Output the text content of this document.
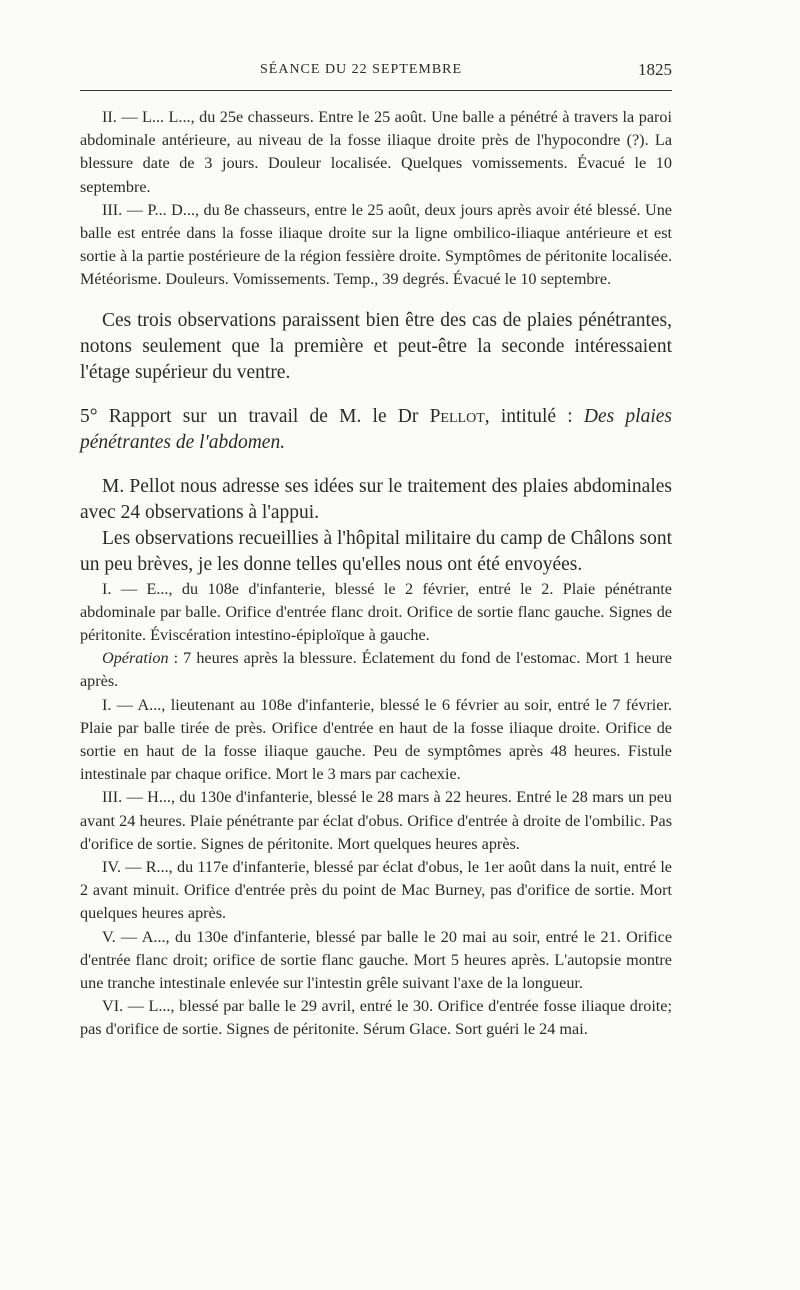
SÉANCE DU 22 SEPTEMBRE	1825

II. — L... L..., du 25e chasseurs. Entre le 25 août. Une balle a pénétré à travers la paroi abdominale antérieure, au niveau de la fosse iliaque droite près de l'hypocondre (?). La blessure date de 3 jours. Douleur localisée. Quelques vomissements. Évacué le 10 septembre.

III. — P... D..., du 8e chasseurs, entre le 25 août, deux jours après avoir été blessé. Une balle est entrée dans la fosse iliaque droite sur la ligne ombilico-iliaque antérieure et est sortie à la partie postérieure de la région fessière droite. Symptômes de péritonite localisée. Météorisme. Douleurs. Vomissements. Temp., 39 degrés. Évacué le 10 septembre.

Ces trois observations paraissent bien être des cas de plaies pénétrantes, notons seulement que la première et peut-être la seconde intéressaient l'étage supérieur du ventre.

5° Rapport sur un travail de M. le Dr Pellot, intitulé : Des plaies pénétrantes de l'abdomen.

M. Pellot nous adresse ses idées sur le traitement des plaies abdominales avec 24 observations à l'appui.

Les observations recueillies à l'hôpital militaire du camp de Châlons sont un peu brèves, je les donne telles qu'elles nous ont été envoyées.

I. — E..., du 108e d'infanterie, blessé le 2 février, entré le 2. Plaie pénétrante abdominale par balle. Orifice d'entrée flanc droit. Orifice de sortie flanc gauche. Signes de péritonite. Éviscération intestino-épiploïque à gauche.

Opération : 7 heures après la blessure. Éclatement du fond de l'estomac. Mort 1 heure après.

I. — A..., lieutenant au 108e d'infanterie, blessé le 6 février au soir, entré le 7 février. Plaie par balle tirée de près. Orifice d'entrée en haut de la fosse iliaque droite. Orifice de sortie en haut de la fosse iliaque gauche. Peu de symptômes après 48 heures. Fistule intestinale par chaque orifice. Mort le 3 mars par cachexie.

III. — H..., du 130e d'infanterie, blessé le 28 mars à 22 heures. Entré le 28 mars un peu avant 24 heures. Plaie pénétrante par éclat d'obus. Orifice d'entrée à droite de l'ombilic. Pas d'orifice de sortie. Signes de péritonite. Mort quelques heures après.

IV. — R..., du 117e d'infanterie, blessé par éclat d'obus, le 1er août dans la nuit, entré le 2 avant minuit. Orifice d'entrée près du point de Mac Burney, pas d'orifice de sortie. Mort quelques heures après.

V. — A..., du 130e d'infanterie, blessé par balle le 20 mai au soir, entré le 21. Orifice d'entrée flanc droit; orifice de sortie flanc gauche. Mort 5 heures après. L'autopsie montre une tranche intestinale enlevée sur l'intestin grêle suivant l'axe de la longueur.

VI. — L..., blessé par balle le 29 avril, entré le 30. Orifice d'entrée fosse iliaque droite; pas d'orifice de sortie. Signes de péritonite. Sérum Glace. Sort guéri le 24 mai.
